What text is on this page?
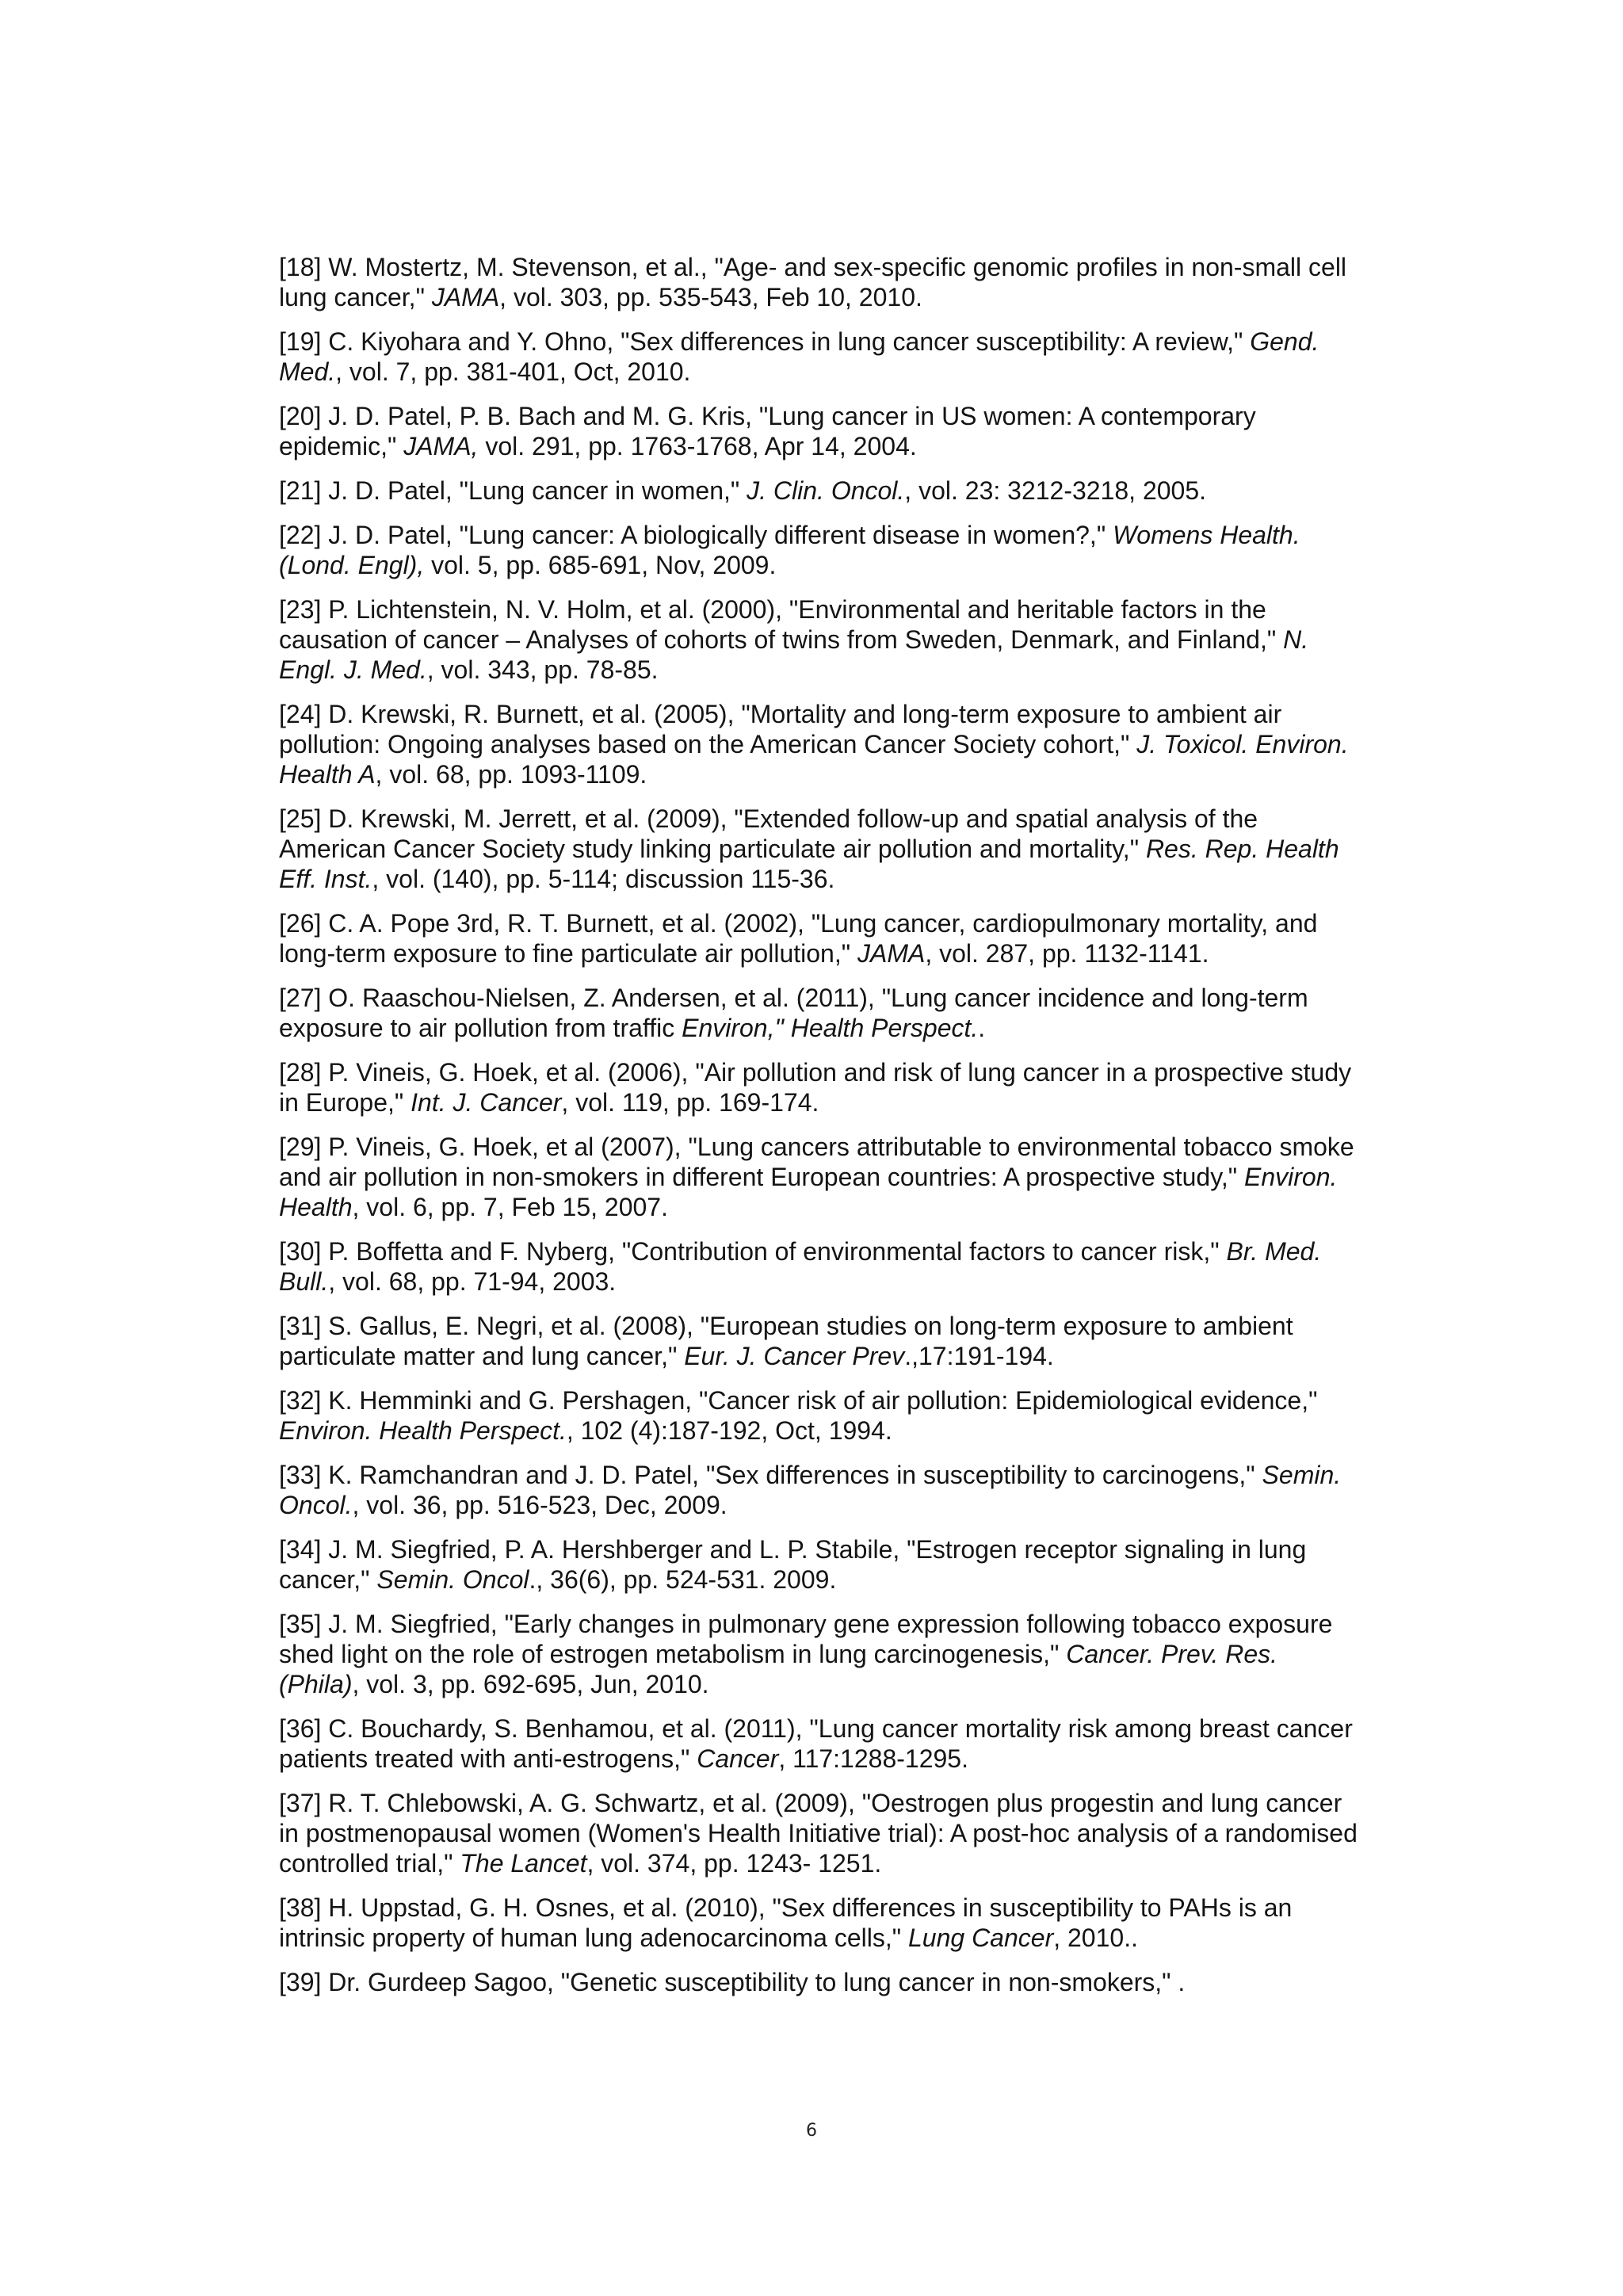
[18] W. Mostertz, M. Stevenson, et al., "Age- and sex-specific genomic profiles in non-small cell lung cancer," JAMA, vol. 303, pp. 535-543, Feb 10, 2010.
[19] C. Kiyohara and Y. Ohno, "Sex differences in lung cancer susceptibility: A review," Gend. Med., vol. 7, pp. 381-401, Oct, 2010.
[20] J. D. Patel, P. B. Bach and M. G. Kris, "Lung cancer in US women: A contemporary epidemic," JAMA, vol. 291, pp. 1763-1768, Apr 14, 2004.
[21] J. D. Patel, "Lung cancer in women," J. Clin. Oncol., vol. 23: 3212-3218, 2005.
[22] J. D. Patel, "Lung cancer: A biologically different disease in women?," Womens Health. (Lond. Engl), vol. 5, pp. 685-691, Nov, 2009.
[23] P. Lichtenstein, N. V. Holm, et al. (2000), "Environmental and heritable factors in the causation of cancer – Analyses of cohorts of twins from Sweden, Denmark, and Finland," N. Engl. J. Med., vol. 343, pp. 78-85.
[24] D. Krewski, R. Burnett, et al. (2005), "Mortality and long-term exposure to ambient air pollution: Ongoing analyses based on the American Cancer Society cohort," J. Toxicol. Environ. Health A, vol. 68, pp. 1093-1109.
[25] D. Krewski, M. Jerrett, et al. (2009), "Extended follow-up and spatial analysis of the American Cancer Society study linking particulate air pollution and mortality," Res. Rep. Health Eff. Inst., vol. (140), pp. 5-114; discussion 115-36.
[26] C. A. Pope 3rd, R. T. Burnett, et al. (2002), "Lung cancer, cardiopulmonary mortality, and long-term exposure to fine particulate air pollution," JAMA, vol. 287, pp. 1132-1141.
[27] O. Raaschou-Nielsen, Z. Andersen, et al. (2011), "Lung cancer incidence and long-term exposure to air pollution from traffic Environ," Health Perspect..
[28] P. Vineis, G. Hoek, et al. (2006), "Air pollution and risk of lung cancer in a prospective study in Europe," Int. J. Cancer, vol. 119, pp. 169-174.
[29] P. Vineis, G. Hoek, et al (2007), "Lung cancers attributable to environmental tobacco smoke and air pollution in non-smokers in different European countries: A prospective study," Environ. Health, vol. 6, pp. 7, Feb 15, 2007.
[30] P. Boffetta and F. Nyberg, "Contribution of environmental factors to cancer risk," Br. Med. Bull., vol. 68, pp. 71-94, 2003.
[31] S. Gallus, E. Negri, et al. (2008), "European studies on long-term exposure to ambient particulate matter and lung cancer," Eur. J. Cancer Prev.,17:191-194.
[32] K. Hemminki and G. Pershagen, "Cancer risk of air pollution: Epidemiological evidence," Environ. Health Perspect., 102 (4):187-192, Oct, 1994.
[33] K. Ramchandran and J. D. Patel, "Sex differences in susceptibility to carcinogens," Semin. Oncol., vol. 36, pp. 516-523, Dec, 2009.
[34] J. M. Siegfried, P. A. Hershberger and L. P. Stabile, "Estrogen receptor signaling in lung cancer," Semin. Oncol., 36(6), pp. 524-531. 2009.
[35] J. M. Siegfried, "Early changes in pulmonary gene expression following tobacco exposure shed light on the role of estrogen metabolism in lung carcinogenesis," Cancer. Prev. Res. (Phila), vol. 3, pp. 692-695, Jun, 2010.
[36] C. Bouchardy, S. Benhamou, et al. (2011), "Lung cancer mortality risk among breast cancer patients treated with anti-estrogens," Cancer, 117:1288-1295.
[37] R. T. Chlebowski, A. G. Schwartz, et al. (2009), "Oestrogen plus progestin and lung cancer in postmenopausal women (Women's Health Initiative trial): A post-hoc analysis of a randomised controlled trial," The Lancet, vol. 374, pp. 1243- 1251.
[38] H. Uppstad, G. H. Osnes, et al. (2010), "Sex differences in susceptibility to PAHs is an intrinsic property of human lung adenocarcinoma cells," Lung Cancer, 2010..
[39] Dr. Gurdeep Sagoo, "Genetic susceptibility to lung cancer in non-smokers," .
6
